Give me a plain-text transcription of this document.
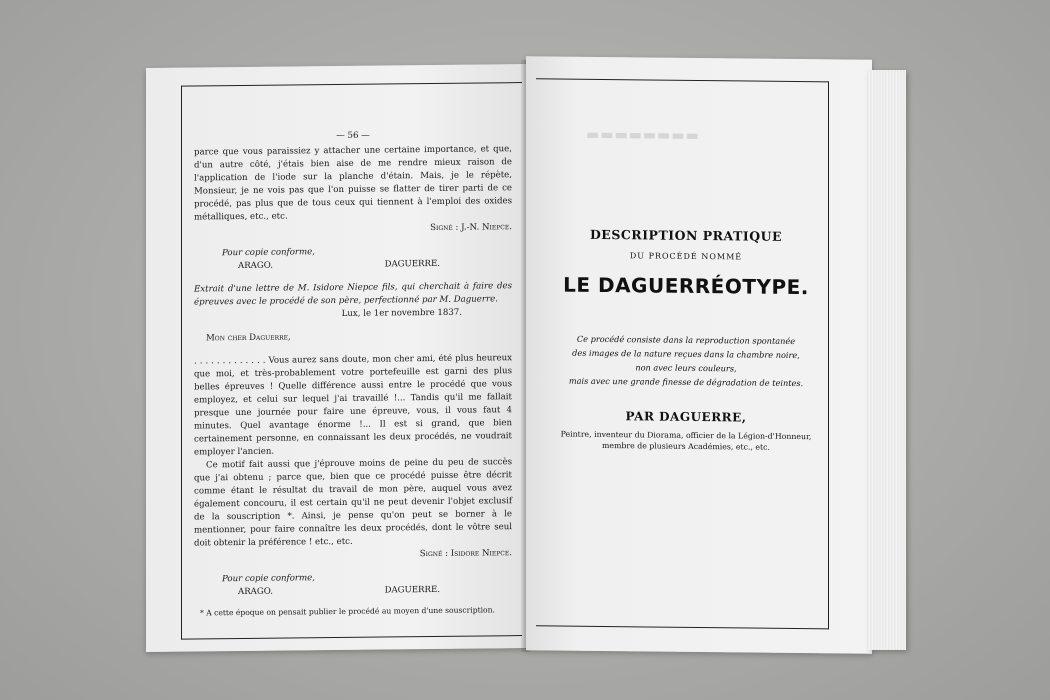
— 56 —

parce que vous paraissiez y attacher une certaine importance, et que, d'un autre côté, j'étais bien aise de me rendre mieux raison de l'application de l'iode sur la planche d'étain. Mais, je le répète, Monsieur, je ne vois pas que l'on puisse se flatter de tirer parti de ce procédé, pas plus que de tous ceux qui tiennent à l'emploi des oxides métalliques, etc., etc.

Signé : J.-N. Niepce.

Pour copie conforme,

ARAGO.	DAGUERRE.

Extrait d'une lettre de M. Isidore Niepce fils, qui cherchait à faire des épreuves avec le procédé de son père, perfectionné par M. Daguerre.

Lux, le 1er novembre 1837.

Mon cher Daguerre,

. . . . . . . . . . . . . Vous aurez sans doute, mon cher ami, été plus heureux que moi, et très-probablement votre portefeuille est garni des plus belles épreuves ! Quelle différence aussi entre le procédé que vous employez, et celui sur lequel j'ai travaillé !... Tandis qu'il me fallait presque une journée pour faire une épreuve, vous, il vous faut 4 minutes. Quel avantage énorme !... Il est si grand, que bien certainement personne, en connaissant les deux procédés, ne voudrait employer l'ancien.

Ce motif fait aussi que j'éprouve moins de peine du peu de succès que j'ai obtenu ; parce que, bien que ce procédé puisse être décrit comme étant le résultat du travail de mon père, auquel vous avez également concouru, il est certain qu'il ne peut devenir l'objet exclusif de la souscription *. Ainsi, je pense qu'on peut se borner à le mentionner, pour faire connaître les deux procédés, dont le vôtre seul doit obtenir la préférence ! etc., etc.

Signé : Isidore Niepce.

Pour copie conforme,

ARAGO.	DAGUERRE.

* A cette époque on pensait publier le procédé au moyen d'une souscription.

▬▬▬▬▬▬▬▬
DESCRIPTION PRATIQUE
DU PROCÉDÉ NOMMÉ
LE DAGUERRÉOTYPE.
Ce procédé consiste dans la reproduction spontanée
des images de la nature reçues dans la chambre noire,
non avec leurs couleurs,
mais avec une grande finesse de dégradation de teintes.
PAR DAGUERRE,
Peintre, inventeur du Diorama, officier de la Légion-d'Honneur,
membre de plusieurs Académies, etc., etc.
